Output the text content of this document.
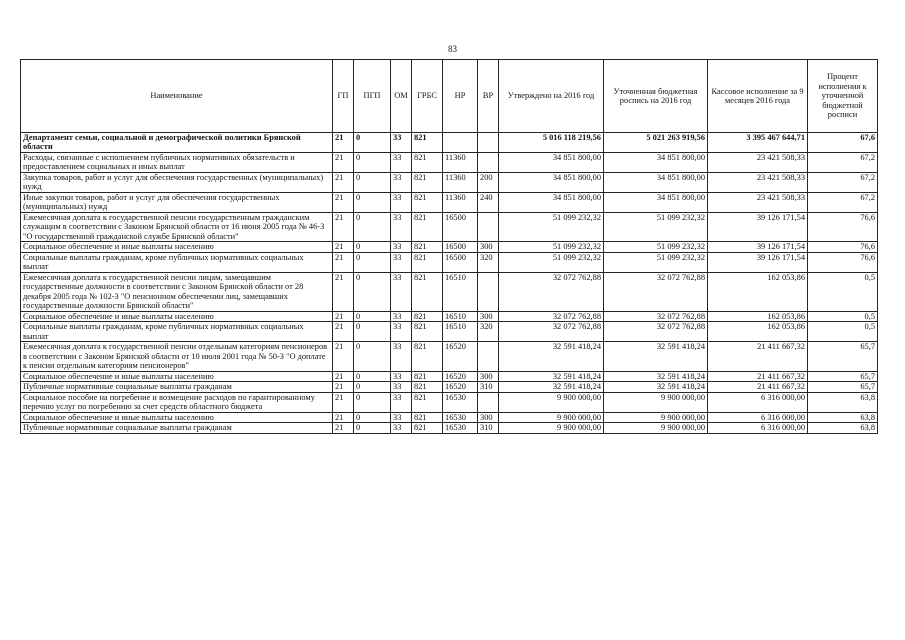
83
Наименование	ГП	ПГП	ОМ	ГРБС	НР	ВР	Утверждено на 2016 год	Уточненная бюджетная роспись на 2016 год	Кассовое исполнение за 9 месяцев 2016 года	Процент исполнения к уточненной бюджетной росписи
Департамент семьи, социальной и демографической политики Брянской области	21	0	33	821			5 016 118 219,56	5 021 263 919,56	3 395 467 644,71	67,6
Расходы, связанные с исполнением публичных нормативных обязательств и предоставлением социальных и иных выплат	21	0	33	821	11360		34 851 800,00	34 851 800,00	23 421 508,33	67,2
Закупка товаров, работ и услуг для обеспечения государственных (муниципальных) нужд	21	0	33	821	11360	200	34 851 800,00	34 851 800,00	23 421 508,33	67,2
Иные закупки товаров, работ и услуг для обеспечения государственных (муниципальных) нужд	21	0	33	821	11360	240	34 851 800,00	34 851 800,00	23 421 508,33	67,2
Ежемесячная доплата к государственной пенсии государственным гражданским служащим в соответствии с Законом Брянской области от 16 июня 2005 года № 46-З "О государственной гражданской службе Брянской области"	21	0	33	821	16500		51 099 232,32	51 099 232,32	39 126 171,54	76,6
Социальное обеспечение и иные выплаты населению	21	0	33	821	16500	300	51 099 232,32	51 099 232,32	39 126 171,54	76,6
Социальные выплаты гражданам, кроме публичных нормативных социальных выплат	21	0	33	821	16500	320	51 099 232,32	51 099 232,32	39 126 171,54	76,6
Ежемесячная доплата к государственной пенсии лицам, замещавшим государственные должности в соответствии с Законом Брянской области от 28 декабря 2005 года № 102-З "О пенсионном обеспечении лиц, замещавших государственные должности Брянской области"	21	0	33	821	16510		32 072 762,88	32 072 762,88	162 053,86	0,5
Социальное обеспечение и иные выплаты населению	21	0	33	821	16510	300	32 072 762,88	32 072 762,88	162 053,86	0,5
Социальные выплаты гражданам, кроме публичных нормативных социальных выплат	21	0	33	821	16510	320	32 072 762,88	32 072 762,88	162 053,86	0,5
Ежемесячная доплата к государственной пенсии отдельным категориям пенсионеров в соответствии с Законом Брянской области от 10 июля 2001 года № 50-З "О доплате к пенсии отдельным категориям пенсионеров"	21	0	33	821	16520		32 591 418,24	32 591 418,24	21 411 667,32	65,7
Социальное обеспечение и иные выплаты населению	21	0	33	821	16520	300	32 591 418,24	32 591 418,24	21 411 667,32	65,7
Публичные нормативные социальные выплаты гражданам	21	0	33	821	16520	310	32 591 418,24	32 591 418,24	21 411 667,32	65,7
Социальное пособие на погребение и возмещение расходов по гарантированному перечню услуг по погребению за счет средств областного бюджета	21	0	33	821	16530		9 900 000,00	9 900 000,00	6 316 000,00	63,8
Социальное обеспечение и иные выплаты населению	21	0	33	821	16530	300	9 900 000,00	9 900 000,00	6 316 000,00	63,8
Публичные нормативные социальные выплаты гражданам	21	0	33	821	16530	310	9 900 000,00	9 900 000,00	6 316 000,00	63,8
